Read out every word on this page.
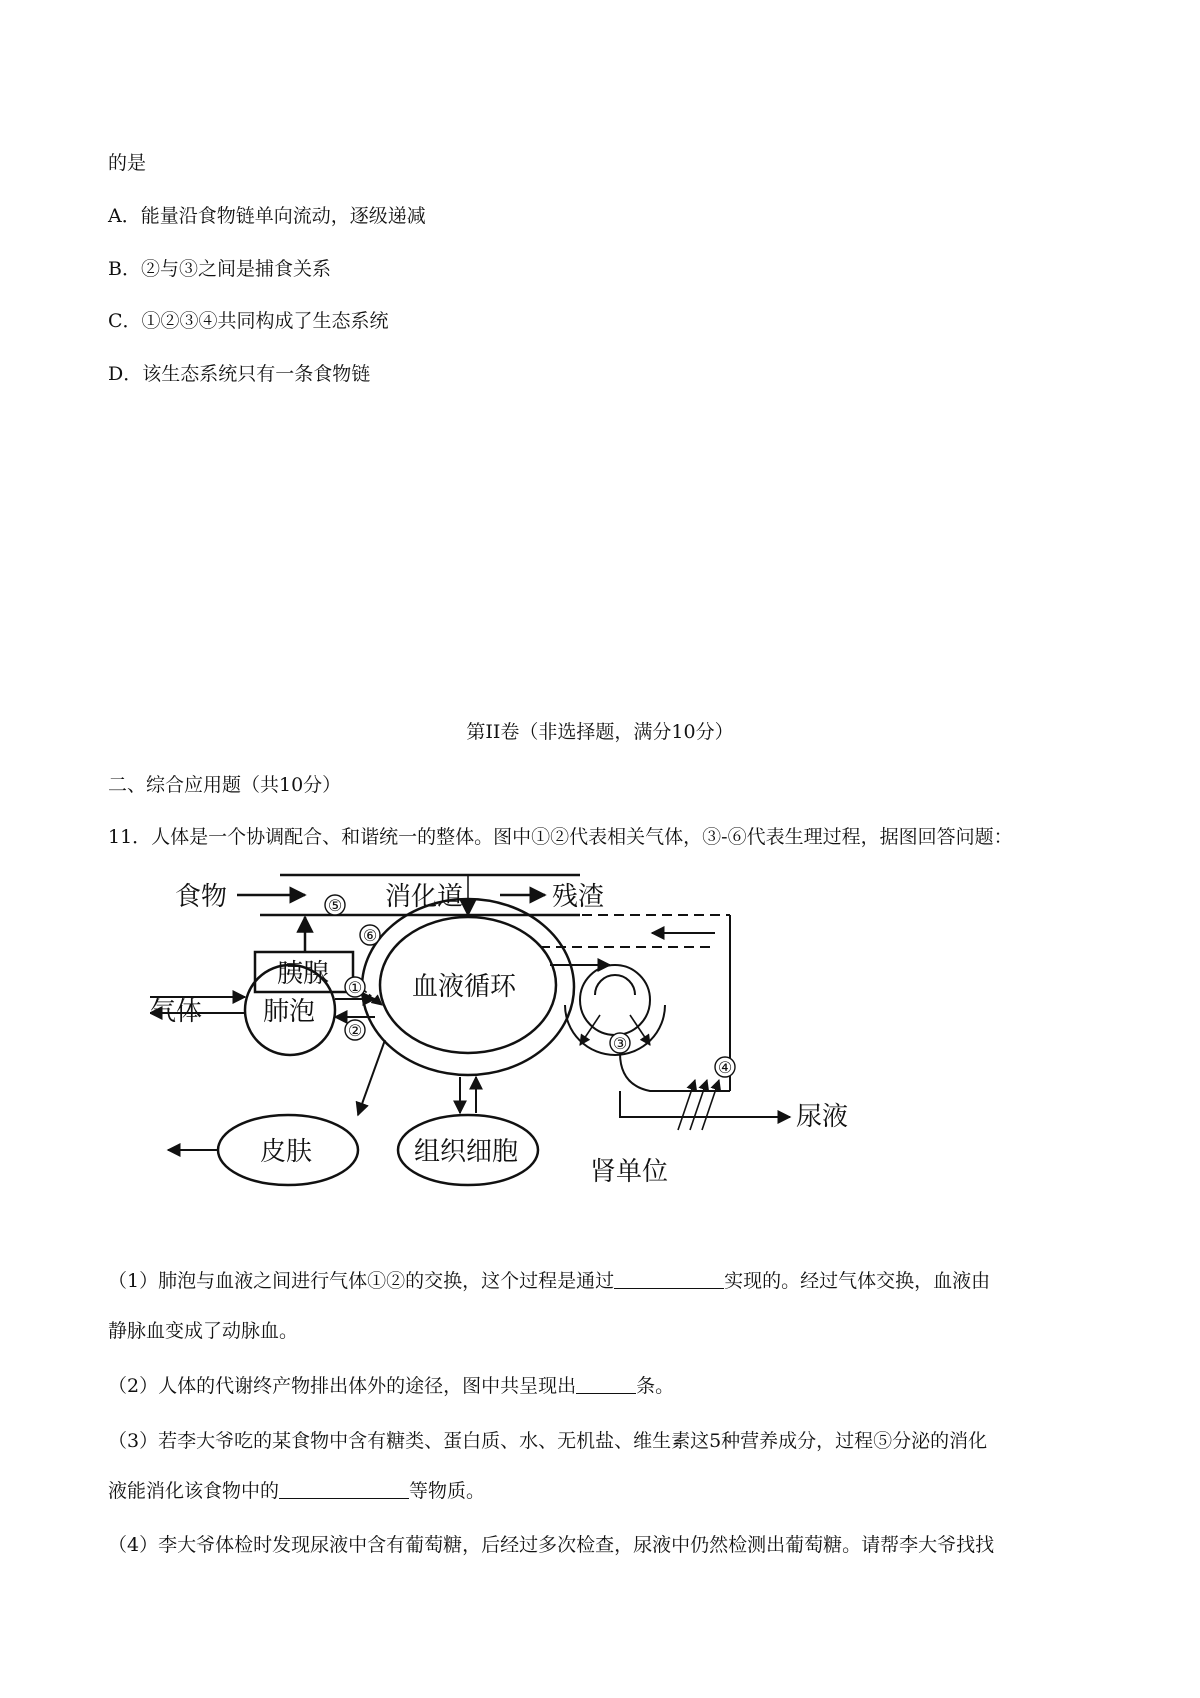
的是
A．能量沿食物链单向流动，逐级递减
B．②与③之间是捕食关系
C．①②③④共同构成了生态系统
D．该生态系统只有一条食物链
第II卷（非选择题，满分10分）
二、综合应用题（共10分）
11．人体是一个协调配合、和谐统一的整体。图中①②代表相关气体，③-⑥代表生理过程，据图回答问题：
⑤
⑥
①
②
③
④
食物	消化道	残渣
胰腺	血液循环
气体 肺泡
皮肤	组织细胞
肾单位
尿液
（1）肺泡与血液之间进行气体①②的交换，这个过程是通过	实现的。经过气体交换，血液由
静脉血变成了动脉血。
（2）人体的代谢终产物排出体外的途径，图中共呈现出	条。
（3）若李大爷吃的某食物中含有糖类、蛋白质、水、无机盐、维生素这5种营养成分，过程⑤分泌的消化
液能消化该食物中的	等物质。
（4）李大爷体检时发现尿液中含有葡萄糖，后经过多次检查，尿液中仍然检测出葡萄糖。请帮李大爷找找
